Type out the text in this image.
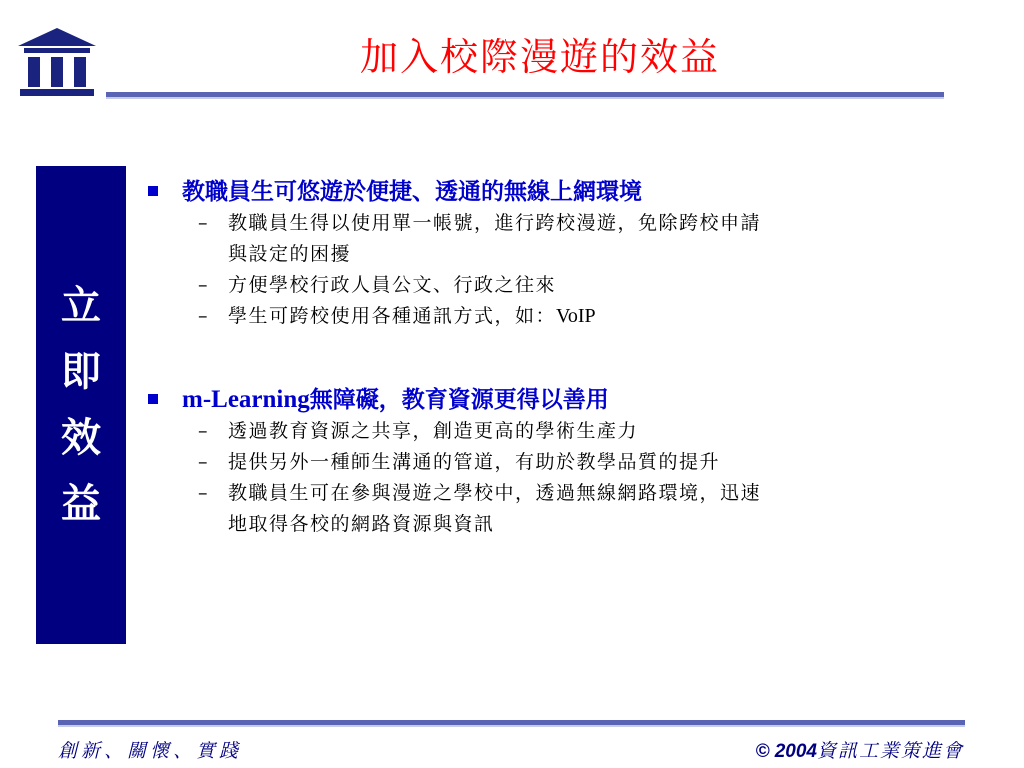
加入校際漫遊的效益
立
即
效
益
教職員生可悠遊於便捷、透通的無線上網環境
– 教職員生得以使用單一帳號，進行跨校漫遊，免除跨校申請
與設定的困擾
– 方便學校行政人員公文、行政之往來
– 學生可跨校使用各種通訊方式，如：VoIP
m-Learning無障礙，教育資源更得以善用
– 透過教育資源之共享，創造更高的學術生產力
– 提供另外一種師生溝通的管道，有助於教學品質的提升
– 教職員生可在參與漫遊之學校中，透過無線網路環境，迅速
地取得各校的網路資源與資訊
創新、關懷、實踐	© 2004資訊工業策進會
